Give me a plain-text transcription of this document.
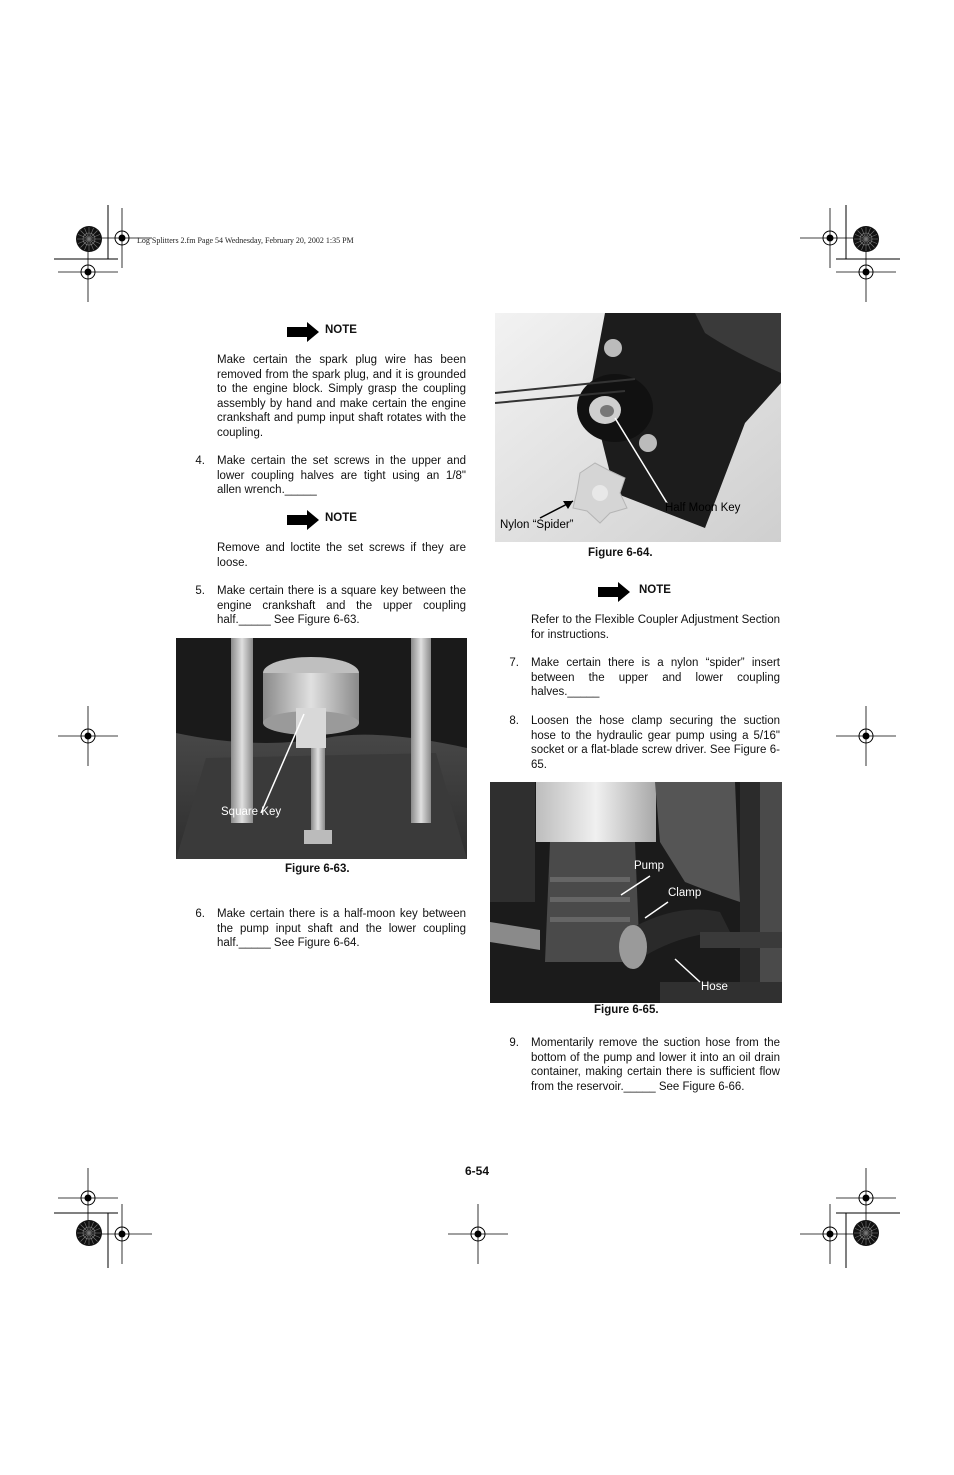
Log Splitters 2.fm Page 54 Wednesday, February 20, 2002 1:35 PM
NOTE
Make certain the spark plug wire has been removed from the spark plug, and it is grounded to the engine block. Simply grasp the coupling assembly by hand and make certain the engine crankshaft and pump input shaft rotates with the coupling.
4. Make certain the set screws in the upper and lower coupling halves are tight using an 1/8" allen wrench._____
NOTE
Remove and loctite the set screws if they are loose.
5. Make certain there is a square key between the engine crankshaft and the upper coupling half._____ See Figure 6-63.
Square Key
Figure 6-63.
6. Make certain there is a half-moon key between the pump input shaft and the lower coupling half._____ See Figure 6-64.
Half Moon Key
Nylon “Spider”
Figure 6-64.
NOTE
Refer to the Flexible Coupler Adjustment Section for instructions.
7. Make certain there is a nylon “spider” insert between the upper and lower coupling halves._____
8. Loosen the hose clamp securing the suction hose to the hydraulic gear pump using a 5/16" socket or a flat-blade screw driver. See Figure 6-65.
Pump
Clamp
Hose
Figure 6-65.
9. Momentarily remove the suction hose from the bottom of the pump and lower it into an oil drain container, making certain there is sufficient flow from the reservoir._____ See Figure 6-66.
6-54
